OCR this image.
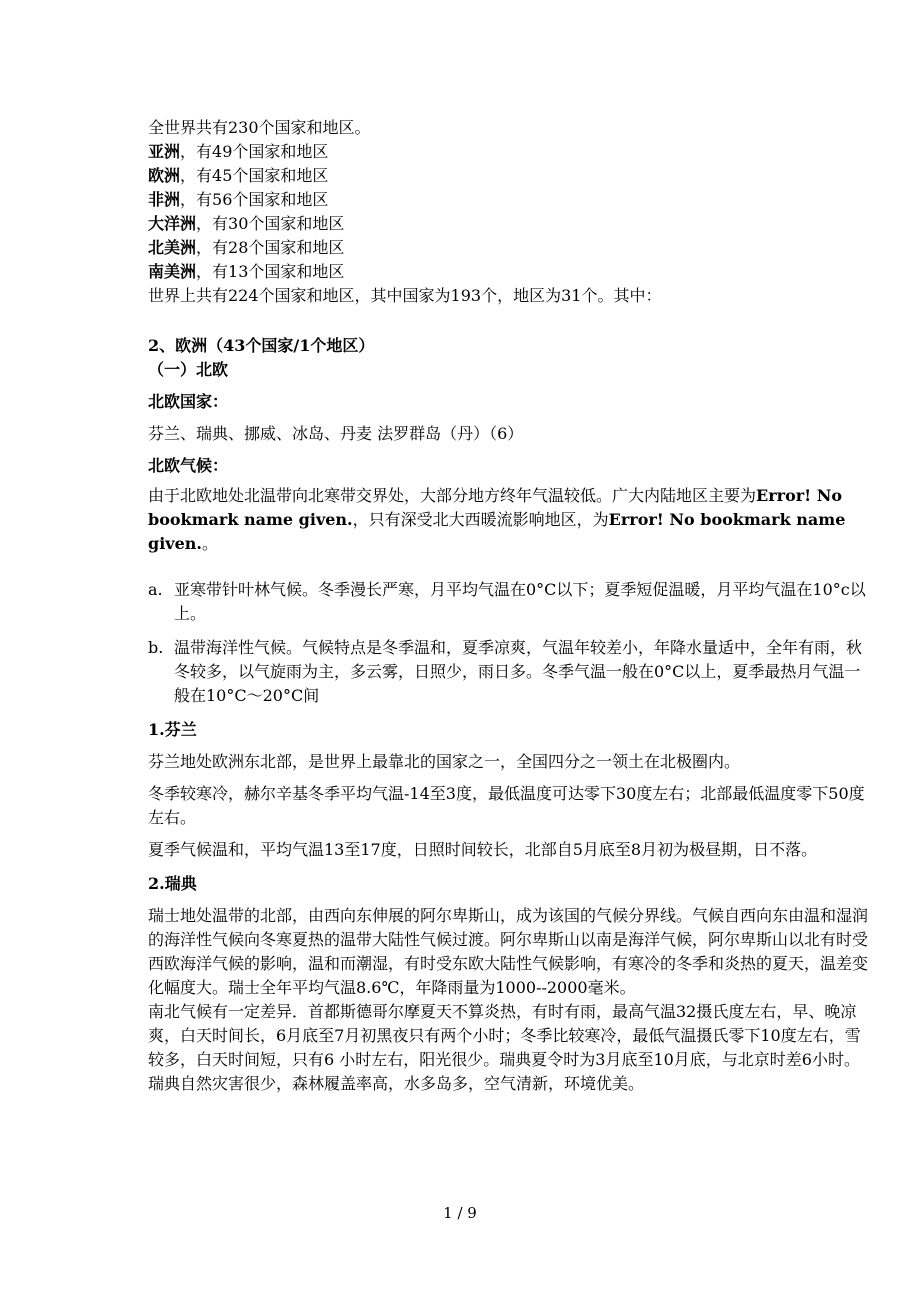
全世界共有230个国家和地区。
亚洲，有49个国家和地区
欧洲，有45个国家和地区
非洲，有56个国家和地区
大洋洲，有30个国家和地区
北美洲，有28个国家和地区
南美洲，有13个国家和地区
世界上共有224个国家和地区，其中国家为193个，地区为31个。其中：
2、欧洲（43个国家/1个地区）
（一）北欧
北欧国家：
芬兰、瑞典、挪威、冰岛、丹麦 法罗群岛（丹）（6）
北欧气候：

由于北欧地处北温带向北寒带交界处，大部分地方终年气温较低。广大内陆地区主要为Error! No bookmark name given.，只有深受北大西暖流影响地区，为Error! No bookmark name given.。

a. 亚寒带针叶林气候。冬季漫长严寒，月平均气温在0°C以下；夏季短促温暖，月平均气温在10°c以上。

b. 温带海洋性气候。气候特点是冬季温和，夏季凉爽，气温年较差小，年降水量适中，全年有雨，秋冬较多，以气旋雨为主，多云雾，日照少，雨日多。冬季气温一般在0°C以上，夏季最热月气温一般在10°C～20°C间

1.芬兰

芬兰地处欧洲东北部，是世界上最靠北的国家之一，全国四分之一领土在北极圈内。

冬季较寒冷，赫尔辛基冬季平均气温-14至3度，最低温度可达零下30度左右；北部最低温度零下50度左右。

夏季气候温和，平均气温13至17度，日照时间较长，北部自5月底至8月初为极昼期，日不落。

2.瑞典

瑞士地处温带的北部，由西向东伸展的阿尔卑斯山，成为该国的气候分界线。气候自西向东由温和湿润的海洋性气候向冬寒夏热的温带大陆性气候过渡。阿尔卑斯山以南是海洋气候，阿尔卑斯山以北有时受西欧海洋气候的影响，温和而潮湿，有时受东欧大陆性气候影响，有寒冷的冬季和炎热的夏天，温差变化幅度大。瑞士全年平均气温8.6℃，年降雨量为1000--2000毫米。

南北气候有一定差异．首都斯德哥尔摩夏天不算炎热，有时有雨，最高气温32摄氏度左右，早、晚凉爽，白天时间长，6月底至7月初黑夜只有两个小时；冬季比较寒冷，最低气温摄氏零下10度左右，雪较多，白天时间短，只有6 小时左右，阳光很少。瑞典夏令时为3月底至10月底，与北京时差6小时。瑞典自然灾害很少，森林履盖率高，水多岛多，空气清新，环境优美。

1 / 9
